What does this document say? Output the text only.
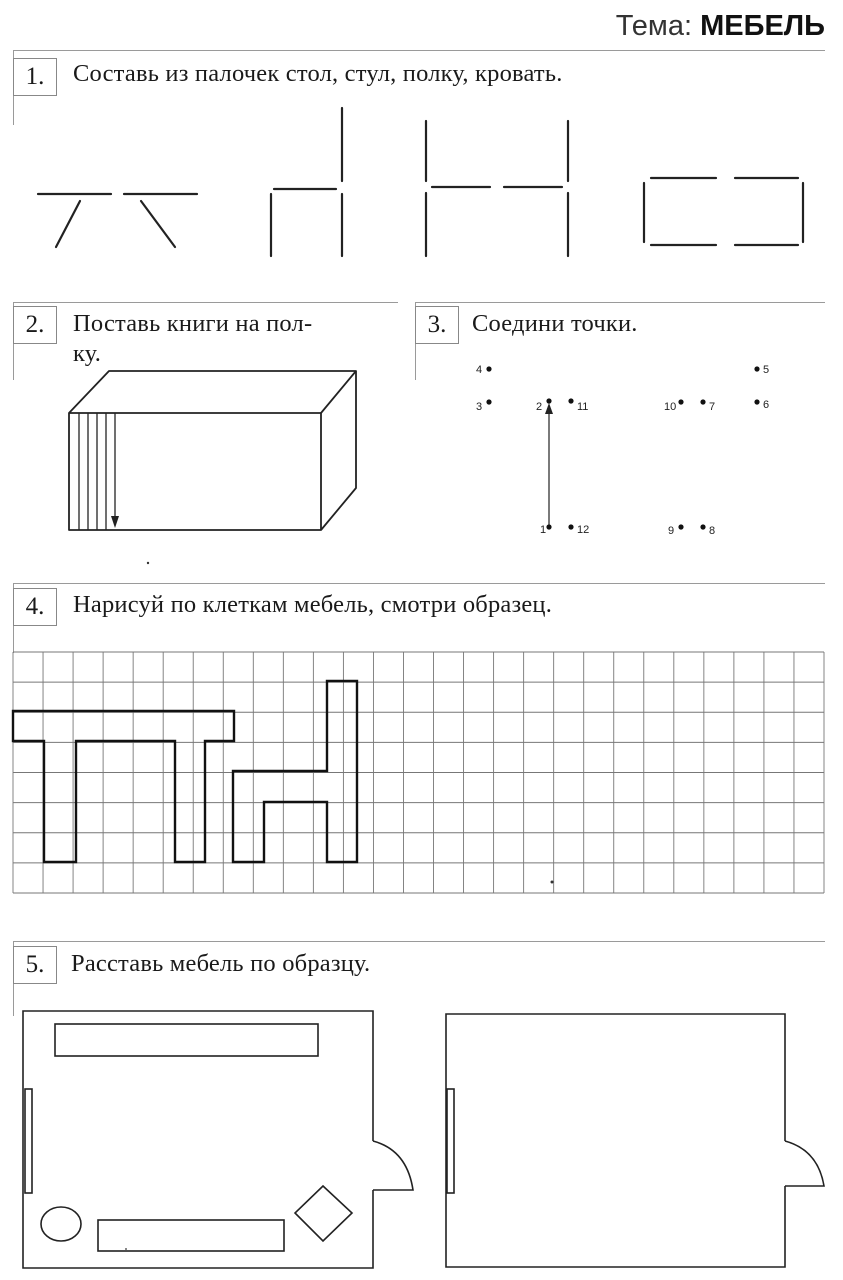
Тема: МЕБЕЛЬ
1.	Составь из палочек стол, стул, полку, кровать.
2.	Поставь книги на пол-
ку.
3.	Соедини точки.
4.	Нарисуй по клеткам мебель, смотри образец.
5.	Расставь мебель по образцу.
1
2
3
4	5
6
7
8
9
10
11
12
